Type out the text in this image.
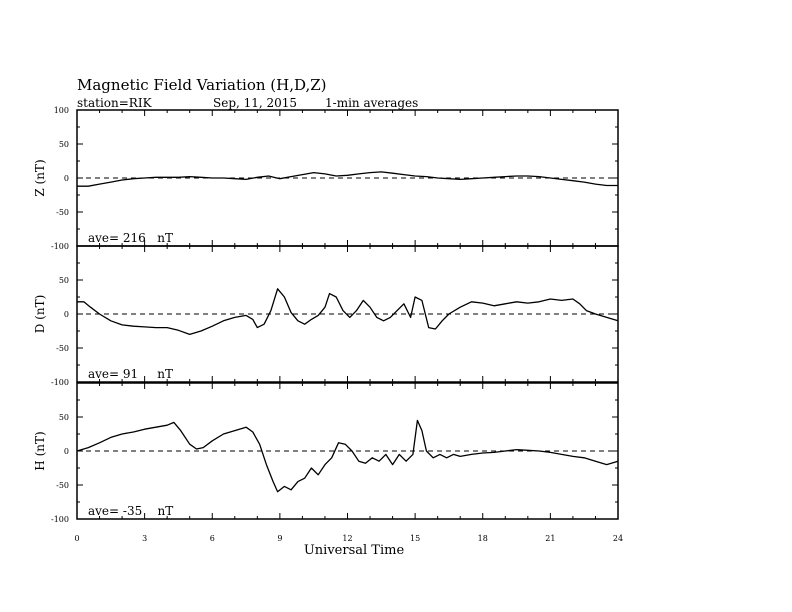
Magnetic Field Variation (H,D,Z)
station=RIK	Sep, 11, 2015 1-min averages
100
50
0
-50
-100
Z (nT)
ave= 216   nT
50
0
-50
-100
D (nT)
ave= 91     nT
50
0
-50
-100
H (nT)
ave= -35    nT
0	3	6	9	12	15	18	21	24
Universal Time
